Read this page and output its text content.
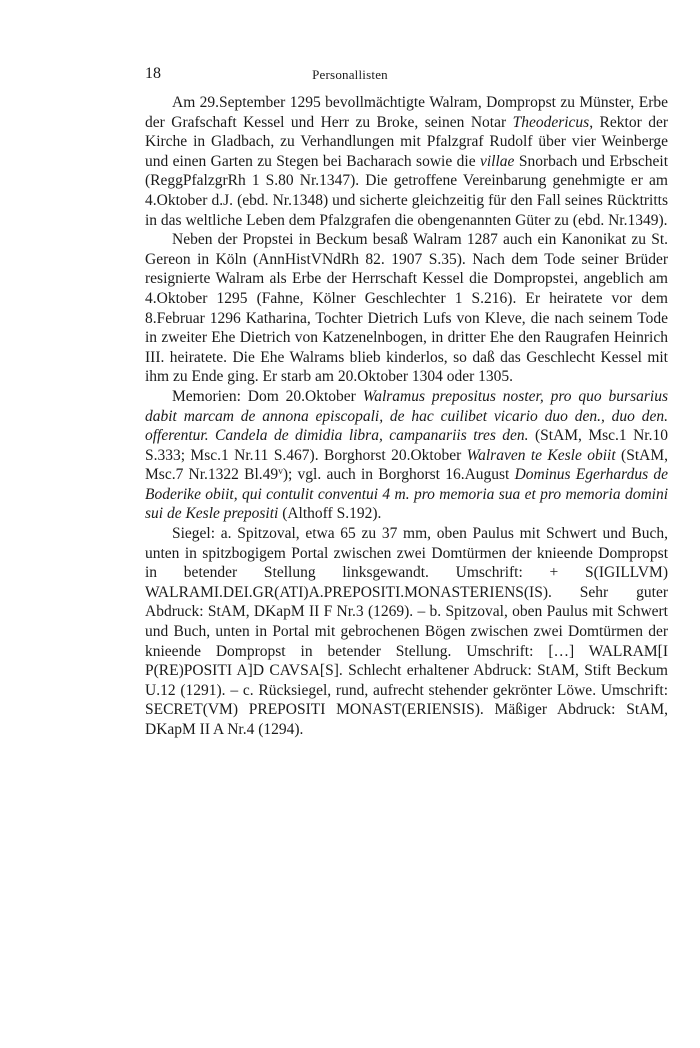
18	Personallisten

Am 29.September 1295 bevollmächtigte Walram, Dompropst zu Münster, Erbe der Grafschaft Kessel und Herr zu Broke, seinen Notar Theodericus, Rektor der Kirche in Gladbach, zu Verhandlungen mit Pfalzgraf Rudolf über vier Weinberge und einen Garten zu Stegen bei Bacharach sowie die villae Snorbach und Erbscheit (ReggPfalzgrRh 1 S.80 Nr.1347). Die getroffene Vereinbarung genehmigte er am 4.Oktober d.J. (ebd. Nr.1348) und sicherte gleichzeitig für den Fall seines Rücktritts in das weltliche Leben dem Pfalzgrafen die obengenannten Güter zu (ebd. Nr.1349).

Neben der Propstei in Beckum besaß Walram 1287 auch ein Kanonikat zu St. Gereon in Köln (AnnHistVNdRh 82. 1907 S.35). Nach dem Tode seiner Brüder resignierte Walram als Erbe der Herrschaft Kessel die Dompropstei, angeblich am 4.Oktober 1295 (Fahne, Kölner Geschlechter 1 S.216). Er heiratete vor dem 8.Februar 1296 Katharina, Tochter Dietrich Lufs von Kleve, die nach seinem Tode in zweiter Ehe Dietrich von Katzenelnbogen, in dritter Ehe den Raugrafen Heinrich III. heiratete. Die Ehe Walrams blieb kinderlos, so daß das Geschlecht Kessel mit ihm zu Ende ging. Er starb am 20.Oktober 1304 oder 1305.

Memorien: Dom 20.Oktober Walramus prepositus noster, pro quo bursarius dabit marcam de annona episcopali, de hac cuilibet vicario duo den., duo den. offerentur. Candela de dimidia libra, campanariis tres den. (StAM, Msc.1 Nr.10 S.333; Msc.1 Nr.11 S.467). Borghorst 20.Oktober Walraven te Kesle obiit (StAM, Msc.7 Nr.1322 Bl.49$^v$); vgl. auch in Borghorst 16.August Dominus Egerhardus de Boderike obiit, qui contulit conventui 4 m. pro memoria sua et pro memoria domini sui de Kesle prepositi (Althoff S.192).

Siegel: a. Spitzoval, etwa 65 zu 37 mm, oben Paulus mit Schwert und Buch, unten in spitzbogigem Portal zwischen zwei Domtürmen der knieende Dompropst in betender Stellung linksgewandt. Umschrift: + S(IGILLVM) WALRAMI.DEI.GR(ATI)A.PREPOSITI.MONASTERIENS(IS). Sehr guter Abdruck: StAM, DKapM II F Nr.3 (1269). – b. Spitzoval, oben Paulus mit Schwert und Buch, unten in Portal mit gebrochenen Bögen zwischen zwei Domtürmen der knieende Dompropst in betender Stellung. Umschrift: […] WALRAM[I P(RE)POSITI A]D CAVSA[S]. Schlecht erhaltener Abdruck: StAM, Stift Beckum U.12 (1291). – c. Rücksiegel, rund, aufrecht stehender gekrönter Löwe. Umschrift: SECRET(VM) PREPOSITI MONAST(ERIENSIS). Mäßiger Abdruck: StAM, DKapM II A Nr.4 (1294).
